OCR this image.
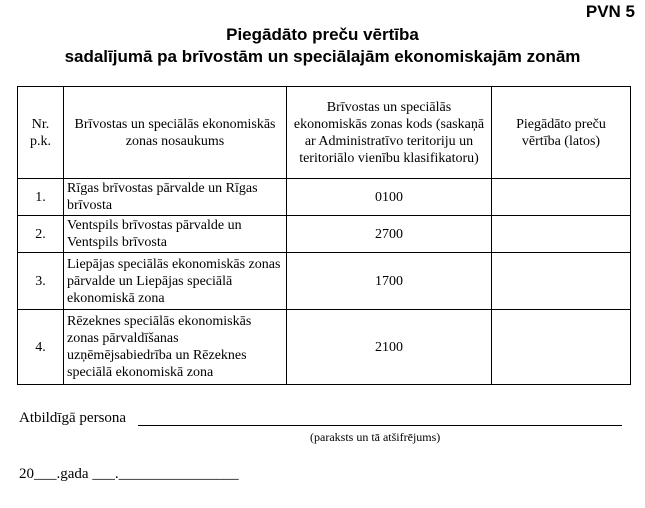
PVN 5
Piegādāto preču vērtība
sadalījumā pa brīvostām un speciālajām ekonomiskajām zonām
Nr. p.k.	Brīvostas un speciālās ekonomiskās zonas nosaukums	Brīvostas un speciālās ekonomiskās zonas kods (saskaņā ar Administratīvo teritoriju un teritoriālo vienību klasifikatoru)	Piegādāto preču vērtība (latos)
1.	Rīgas brīvostas pārvalde un Rīgas brīvosta	0100	
2.	Ventspils brīvostas pārvalde un Ventspils brīvosta	2700	
3.	Liepājas speciālās ekonomiskās zonas pārvalde un Liepājas speciālā ekonomiskā zona	1700	
4.	Rēzeknes speciālās ekonomiskās zonas pārvaldīšanas uzņēmējsabiedrība un Rēzeknes speciālā ekonomiskā zona	2100	
Atbildīgā persona
(paraksts un tā atšifrējums)
20___.gada ___.________________
